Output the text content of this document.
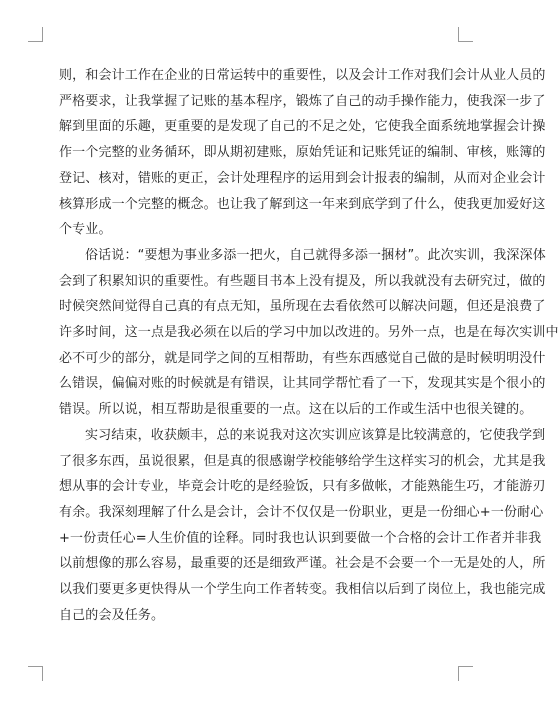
则，和会计工作在企业的日常运转中的重要性，以及会计工作对我们会计从业人员的
严格要求，让我掌握了记账的基本程序，锻炼了自己的动手操作能力，使我深一步了
解到里面的乐趣，更重要的是发现了自己的不足之处，它使我全面系统地掌握会计操
作一个完整的业务循环，即从期初建账，原始凭证和记账凭证的编制、审核，账簿的
登记、核对，错账的更正，会计处理程序的运用到会计报表的编制，从而对企业会计
核算形成一个完整的概念。也让我了解到这一年来到底学到了什么，使我更加爱好这
个专业。

俗话说：“要想为事业多添一把火，自己就得多添一捆材”。此次实训，我深深体
会到了积累知识的重要性。有些题目书本上没有提及，所以我就没有去研究过，做的
时候突然间觉得自己真的有点无知，虽所现在去看依然可以解决问题，但还是浪费了
许多时间，这一点是我必须在以后的学习中加以改进的。另外一点，也是在每次实训中
必不可少的部分，就是同学之间的互相帮助，有些东西感觉自己做的是时候明明没什
么错误，偏偏对账的时候就是有错误，让其同学帮忙看了一下，发现其实是个很小的
错误。所以说，相互帮助是很重要的一点。这在以后的工作或生活中也很关键的。

实习结束，收获颇丰，总的来说我对这次实训应该算是比较满意的，它使我学到
了很多东西，虽说很累，但是真的很感谢学校能够给学生这样实习的机会，尤其是我
想从事的会计专业，毕竟会计吃的是经验饭，只有多做帐，才能熟能生巧，才能游刃
有余。我深刻理解了什么是会计，会计不仅仅是一份职业，更是一份细心+一份耐心
+一份责任心=人生价值的诠释。同时我也认识到要做一个合格的会计工作者并非我
以前想像的那么容易，最重要的还是细致严谨。社会是不会要一个一无是处的人，所
以我们要更多更快得从一个学生向工作者转变。我相信以后到了岗位上，我也能完成
自己的会及任务。
